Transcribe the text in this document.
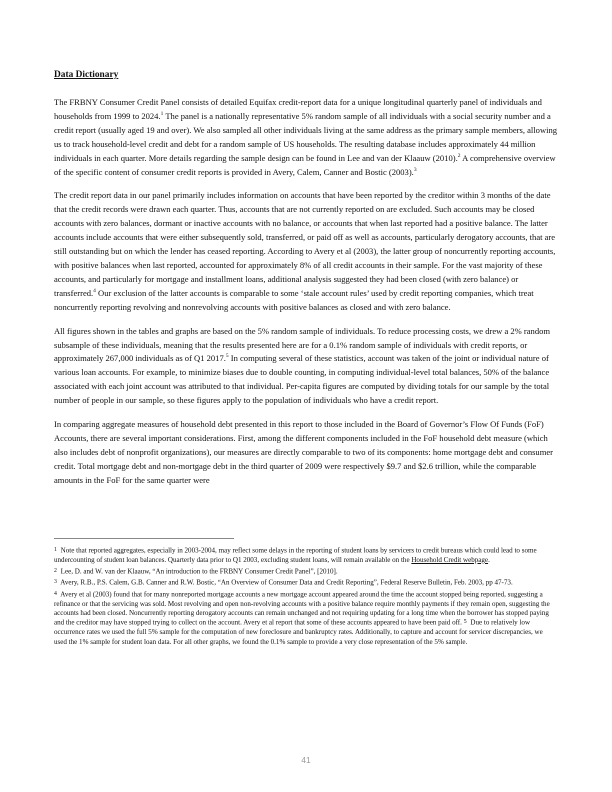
Data Dictionary

The FRBNY Consumer Credit Panel consists of detailed Equifax credit-report data for a unique longitudinal quarterly panel of individuals and households from 1999 to 2024.$^1$ The panel is a nationally representative 5% random sample of all individuals with a social security number and a credit report (usually aged 19 and over). We also sampled all other individuals living at the same address as the primary sample members, allowing us to track household-level credit and debt for a random sample of US households. The resulting database includes approximately 44 million individuals in each quarter. More details regarding the sample design can be found in Lee and van der Klaauw (2010).$^2$ A comprehensive overview of the specific content of consumer credit reports is provided in Avery, Calem, Canner and Bostic (2003).$^3$

The credit report data in our panel primarily includes information on accounts that have been reported by the creditor within 3 months of the date that the credit records were drawn each quarter. Thus, accounts that are not currently reported on are excluded. Such accounts may be closed accounts with zero balances, dormant or inactive accounts with no balance, or accounts that when last reported had a positive balance. The latter accounts include accounts that were either subsequently sold, transferred, or paid off as well as accounts, particularly derogatory accounts, that are still outstanding but on which the lender has ceased reporting. According to Avery et al (2003), the latter group of noncurrently reporting accounts, with positive balances when last reported, accounted for approximately 8% of all credit accounts in their sample. For the vast majority of these accounts, and particularly for mortgage and installment loans, additional analysis suggested they had been closed (with zero balance) or transferred.$^4$ Our exclusion of the latter accounts is comparable to some ‘stale account rules’ used by credit reporting companies, which treat noncurrently reporting revolving and nonrevolving accounts with positive balances as closed and with zero balance.

All figures shown in the tables and graphs are based on the 5% random sample of individuals. To reduce processing costs, we drew a 2% random subsample of these individuals, meaning that the results presented here are for a 0.1% random sample of individuals with credit reports, or approximately 267,000 individuals as of Q1 2017.$^5$ In computing several of these statistics, account was taken of the joint or individual nature of various loan accounts. For example, to minimize biases due to double counting, in computing individual-level total balances, 50% of the balance associated with each joint account was attributed to that individual. Per-capita figures are computed by dividing totals for our sample by the total number of people in our sample, so these figures apply to the population of individuals who have a credit report.

In comparing aggregate measures of household debt presented in this report to those included in the Board of Governor’s Flow Of Funds (FoF) Accounts, there are several important considerations. First, among the different components included in the FoF household debt measure (which also includes debt of nonprofit organizations), our measures are directly comparable to two of its components: home mortgage debt and consumer credit. Total mortgage debt and non-mortgage debt in the third quarter of 2009 were respectively $9.7 and $2.6 trillion, while the comparable amounts in the FoF for the same quarter were

$^1$ Note that reported aggregates, especially in 2003-2004, may reflect some delays in the reporting of student loans by servicers to credit bureaus which could lead to some undercounting of student loan balances. Quarterly data prior to Q1 2003, excluding student loans, will remain available on the Household Credit webpage.

$^2$ Lee, D. and W. van der Klaauw, “An introduction to the FRBNY Consumer Credit Panel”, [2010].

$^3$ Avery, R.B., P.S. Calem, G.B. Canner and R.W. Bostic, “An Overview of Consumer Data and Credit Reporting”, Federal Reserve Bulletin, Feb. 2003, pp 47-73.

$^4$ Avery et al (2003) found that for many nonreported mortgage accounts a new mortgage account appeared around the time the account stopped being reported, suggesting a refinance or that the servicing was sold. Most revolving and open non-revolving accounts with a positive balance require monthly payments if they remain open, suggesting the accounts had been closed. Noncurrently reporting derogatory accounts can remain unchanged and not requiring updating for a long time when the borrower has stopped paying and the creditor may have stopped trying to collect on the account. Avery et al report that some of these accounts appeared to have been paid off. $^5$ Due to relatively low occurrence rates we used the full 5% sample for the computation of new foreclosure and bankruptcy rates. Additionally, to capture and account for servicer discrepancies, we used the 1% sample for student loan data. For all other graphs, we found the 0.1% sample to provide a very close representation of the 5% sample.

41
